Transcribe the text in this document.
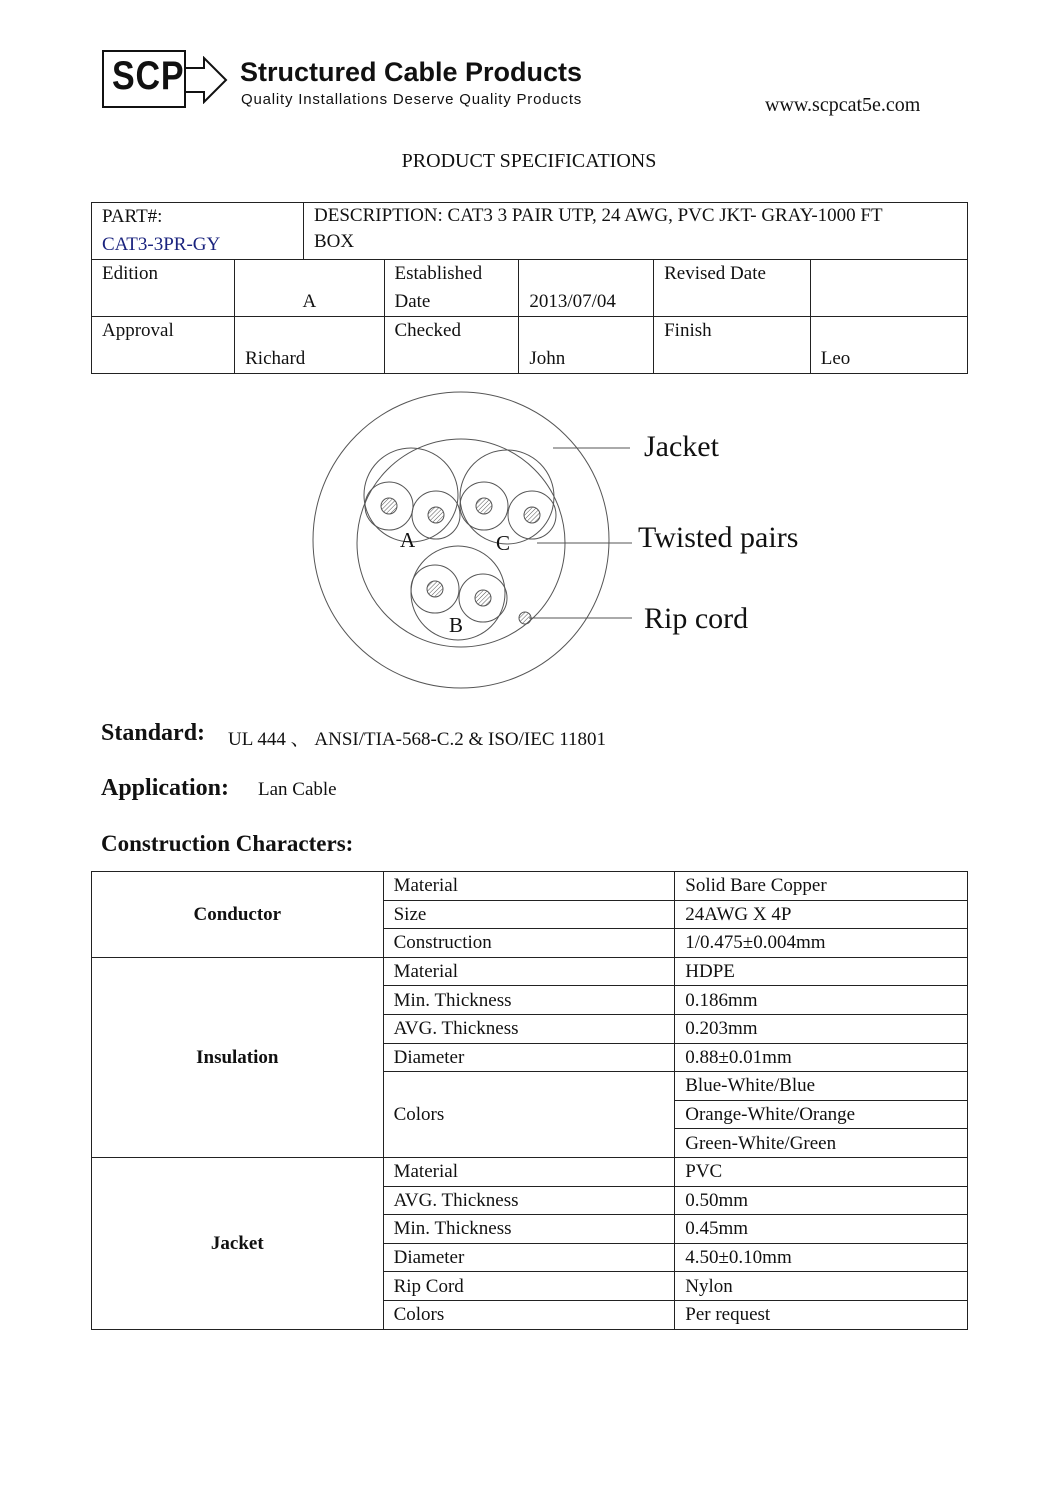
SCP Structured Cable Products
Quality Installations Deserve Quality Products	www.scpcat5e.com
PRODUCT SPECIFICATIONS
PART#:
CAT3-3PR-GY		DESCRIPTION: CAT3 3 PAIR UTP, 24 AWG, PVC JKT- GRAY-1000 FT BOX			

Edition	A	Established Date	2013/07/04	Revised Date	
Approval	Richard	Checked	John	Finish	Leo
A	C
B
Jacket
Twisted pairs
Rip cord
Standard: UL 444 、 ANSI/TIA-568-C.2 & ISO/IEC 11801
Application: Lan Cable
Construction Characters:
Conductor	Material	Solid Bare Copper
	Size	24AWG X 4P
	Construction	1/0.475±0.004mm
Insulation	Material	HDPE
	Min. Thickness	0.186mm
	AVG. Thickness	0.203mm
	Diameter	0.88±0.01mm
	Colors	Blue-White/Blue
		Orange-White/Orange
		Green-White/Green
Jacket	Material	PVC
	AVG. Thickness	0.50mm
	Min. Thickness	0.45mm
	Diameter	4.50±0.10mm
	Rip Cord	Nylon
	Colors	Per request
